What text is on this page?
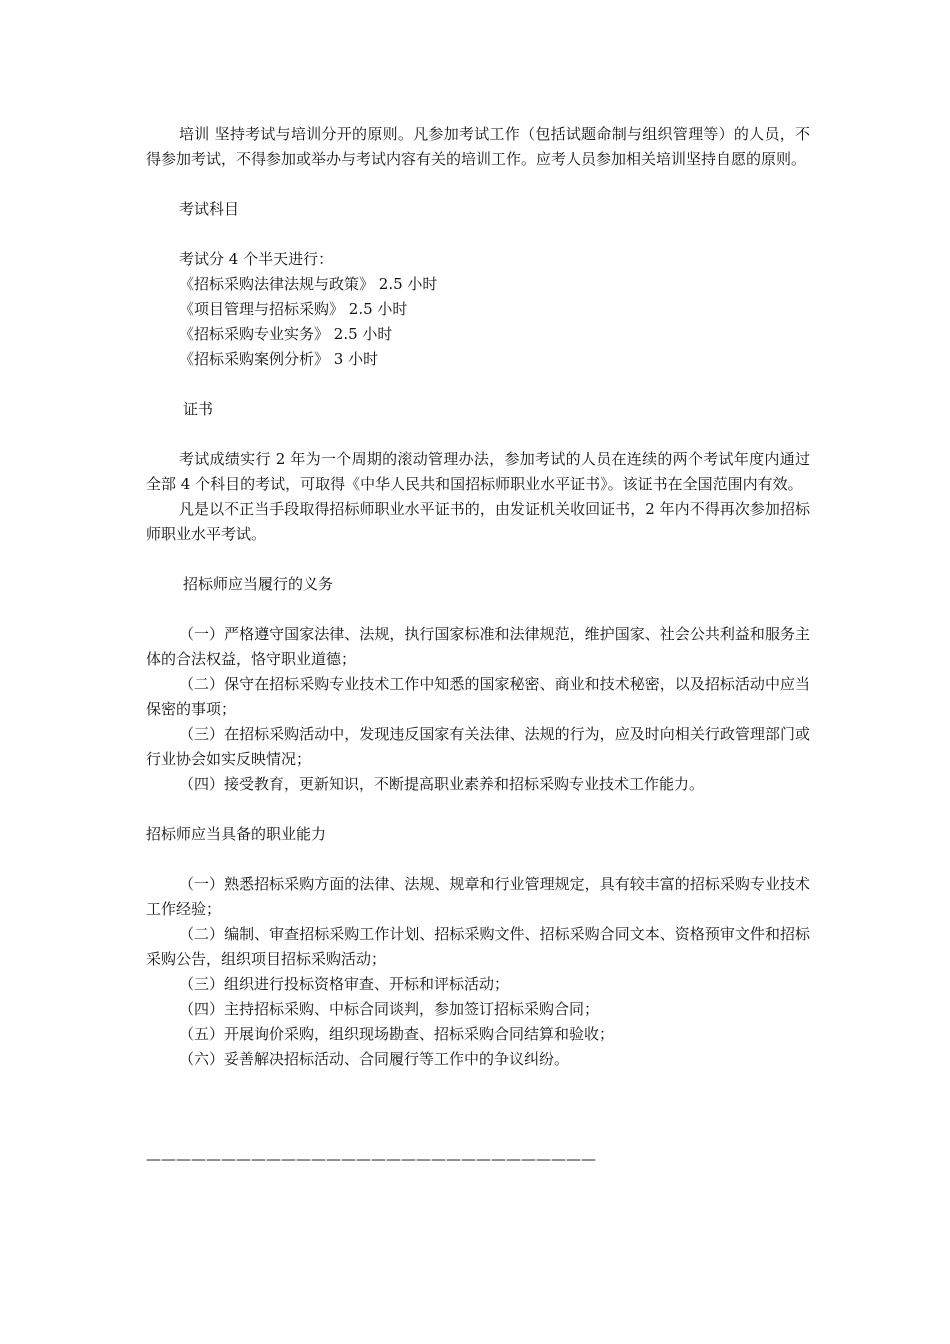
培训 坚持考试与培训分开的原则。凡参加考试工作（包括试题命制与组织管理等）的人员，不得参加考试，不得参加或举办与考试内容有关的培训工作。应考人员参加相关培训坚持自愿的原则。

考试科目

考试分 4 个半天进行：

《招标采购法律法规与政策》 2.5 小时

《项目管理与招标采购》 2.5 小时

《招标采购专业实务》 2.5 小时

《招标采购案例分析》 3 小时

证书

考试成绩实行 2 年为一个周期的滚动管理办法，参加考试的人员在连续的两个考试年度内通过全部 4 个科目的考试，可取得《中华人民共和国招标师职业水平证书》。该证书在全国范围内有效。

凡是以不正当手段取得招标师职业水平证书的，由发证机关收回证书，2 年内不得再次参加招标师职业水平考试。

招标师应当履行的义务

（一）严格遵守国家法律、法规，执行国家标准和法律规范，维护国家、社会公共利益和服务主体的合法权益，恪守职业道德；

（二）保守在招标采购专业技术工作中知悉的国家秘密、商业和技术秘密，以及招标活动中应当保密的事项；

（三）在招标采购活动中，发现违反国家有关法律、法规的行为，应及时向相关行政管理部门或行业协会如实反映情况；

（四）接受教育，更新知识，不断提高职业素养和招标采购专业技术工作能力。

招标师应当具备的职业能力

（一）熟悉招标采购方面的法律、法规、规章和行业管理规定，具有较丰富的招标采购专业技术工作经验；

（二）编制、审查招标采购工作计划、招标采购文件、招标采购合同文本、资格预审文件和招标采购公告，组织项目招标采购活动；

（三）组织进行投标资格审查、开标和评标活动；

（四）主持招标采购、中标合同谈判，参加签订招标采购合同；

（五）开展询价采购，组织现场勘查、招标采购合同结算和验收；

（六）妥善解决招标活动、合同履行等工作中的争议纠纷。

——————————————————————————————
